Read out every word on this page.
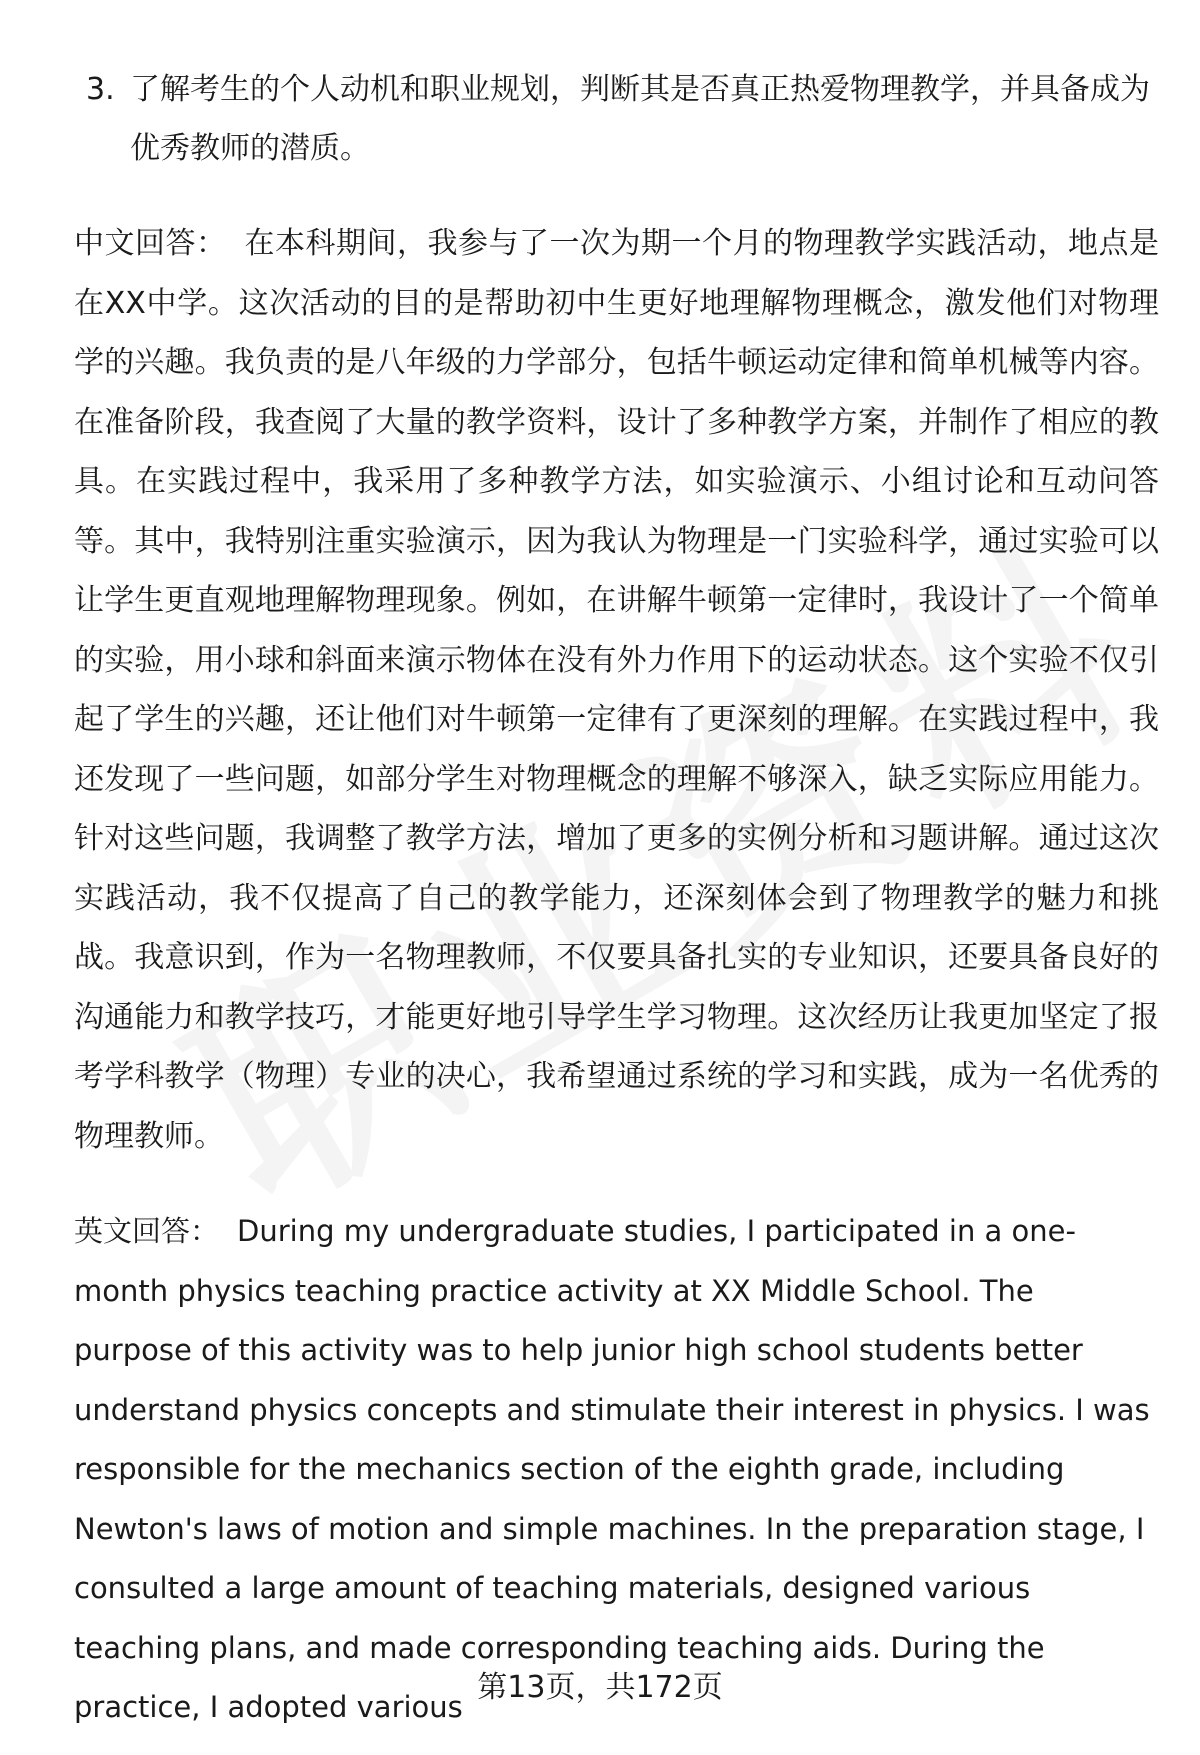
3. 了解考生的个人动机和职业规划，判断其是否真正热爱物理教学，并具备成为优秀教师的潜质。

中文回答： 在本科期间，我参与了一次为期一个月的物理教学实践活动，地点是在XX中学。这次活动的目的是帮助初中生更好地理解物理概念，激发他们对物理学的兴趣。我负责的是八年级的力学部分，包括牛顿运动定律和简单机械等内容。在准备阶段，我查阅了大量的教学资料，设计了多种教学方案，并制作了相应的教具。在实践过程中，我采用了多种教学方法，如实验演示、小组讨论和互动问答等。其中，我特别注重实验演示，因为我认为物理是一门实验科学，通过实验可以让学生更直观地理解物理现象。例如，在讲解牛顿第一定律时，我设计了一个简单的实验，用小球和斜面来演示物体在没有外力作用下的运动状态。这个实验不仅引起了学生的兴趣，还让他们对牛顿第一定律有了更深刻的理解。在实践过程中，我还发现了一些问题，如部分学生对物理概念的理解不够深入，缺乏实际应用能力。针对这些问题，我调整了教学方法，增加了更多的实例分析和习题讲解。通过这次实践活动，我不仅提高了自己的教学能力，还深刻体会到了物理教学的魅力和挑战。我意识到，作为一名物理教师，不仅要具备扎实的专业知识，还要具备良好的沟通能力和教学技巧，才能更好地引导学生学习物理。这次经历让我更加坚定了报考学科教学（物理）专业的决心，我希望通过系统的学习和实践，成为一名优秀的物理教师。

英文回答： During my undergraduate studies, I participated in a one-month physics teaching practice activity at XX Middle School. The purpose of this activity was to help junior high school students better understand physics concepts and stimulate their interest in physics. I was responsible for the mechanics section of the eighth grade, including Newton's laws of motion and simple machines. In the preparation stage, I consulted a large amount of teaching materials, designed various teaching plans, and made corresponding teaching aids. During the practice, I adopted various

第13页，共172页
